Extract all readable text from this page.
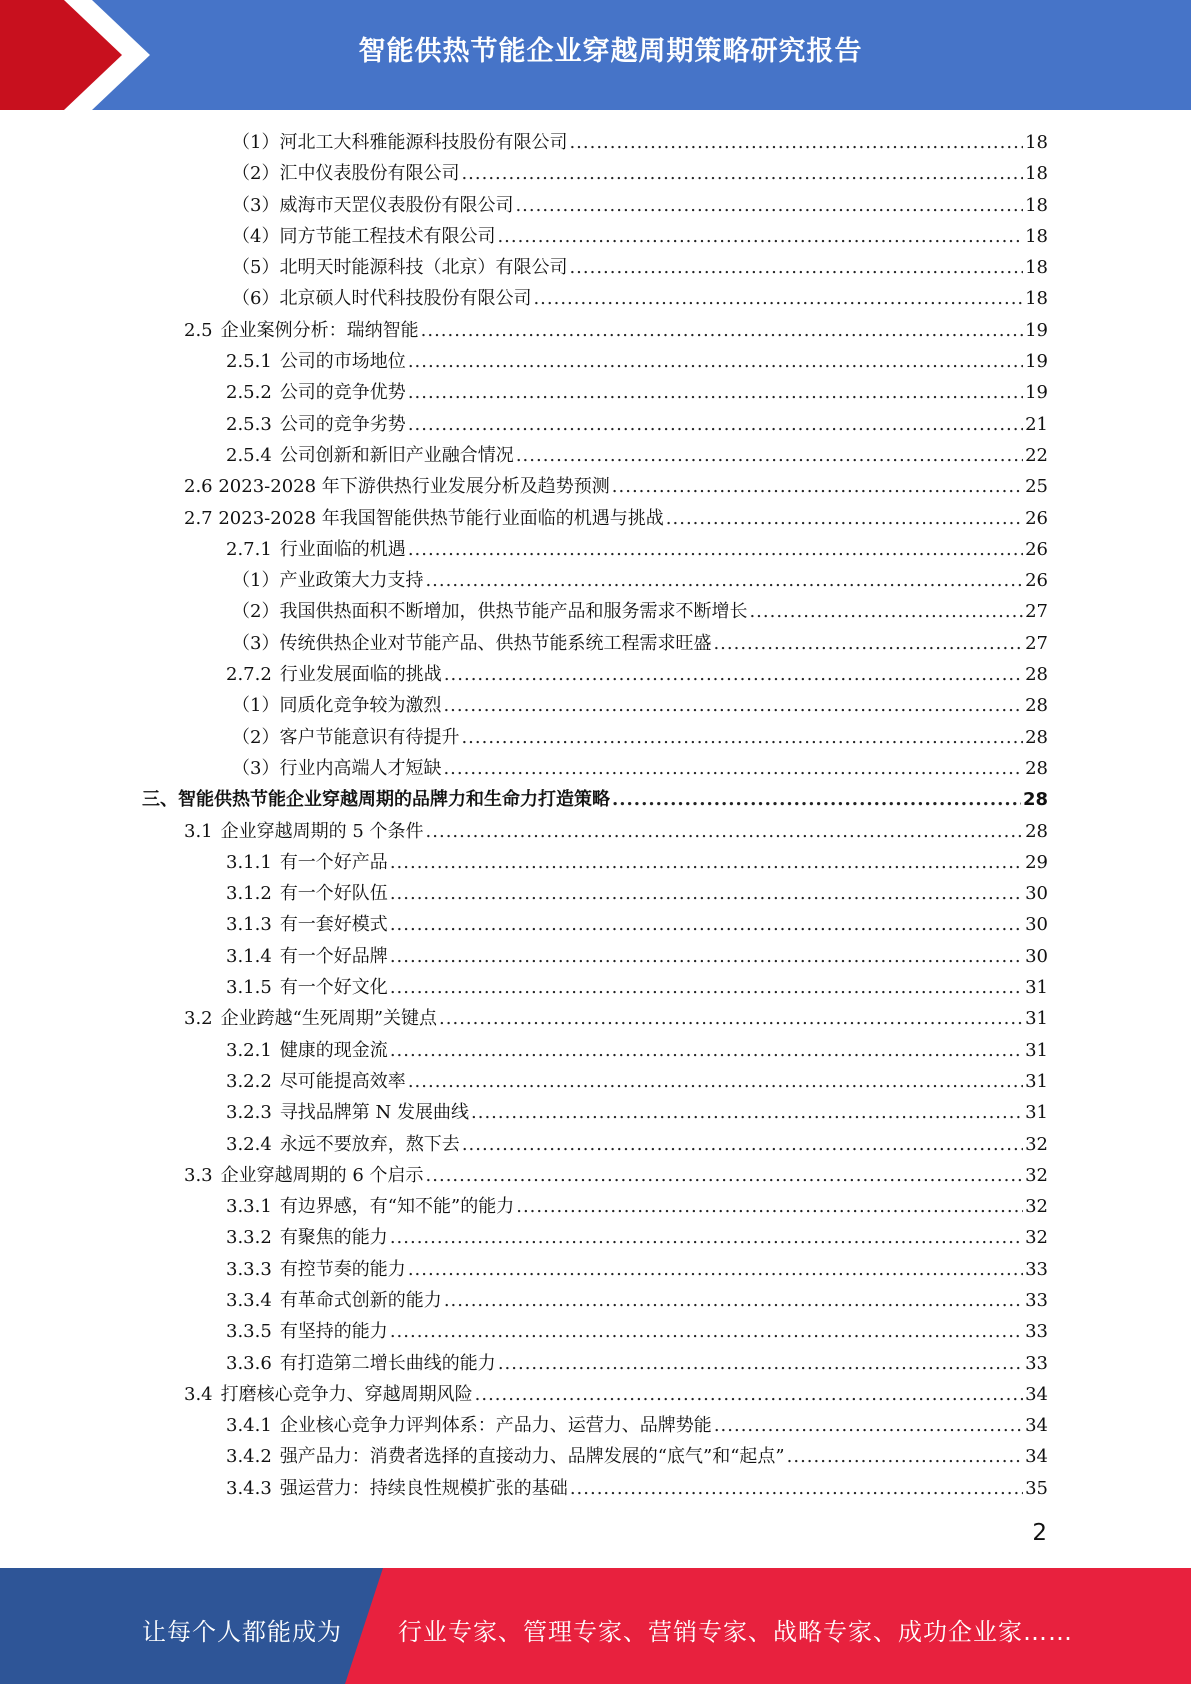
智能供热节能企业穿越周期策略研究报告
（1）河北工大科雅能源科技股份有限公司 .....	18
（2）汇中仪表股份有限公司 .....	18
（3）威海市天罡仪表股份有限公司 .....	18
（4）同方节能工程技术有限公司 .....	18
（5）北明天时能源科技（北京）有限公司 .....	18
（6）北京硕人时代科技股份有限公司 .....	18
2.5 企业案例分析：瑞纳智能 .....	19
2.5.1 公司的市场地位 .....	19
2.5.2 公司的竞争优势 .....	19
2.5.3 公司的竞争劣势 .....	21
2.5.4 公司创新和新旧产业融合情况 .....	22
2.6 2023-2028 年下游供热行业发展分析及趋势预测 .....	25
2.7 2023-2028 年我国智能供热节能行业面临的机遇与挑战 .....	26
2.7.1 行业面临的机遇 .....	26
（1）产业政策大力支持 .....	26
（2）我国供热面积不断增加，供热节能产品和服务需求不断增长 .....	27
（3）传统供热企业对节能产品、供热节能系统工程需求旺盛 .....	27
2.7.2 行业发展面临的挑战 .....	28
（1）同质化竞争较为激烈 .....	28
（2）客户节能意识有待提升 .....	28
（3）行业内高端人才短缺 .....	28
三、智能供热节能企业穿越周期的品牌力和生命力打造策略 .....	28
3.1 企业穿越周期的 5 个条件 .....	28
3.1.1 有一个好产品 .....	29
3.1.2 有一个好队伍 .....	30
3.1.3 有一套好模式 .....	30
3.1.4 有一个好品牌 .....	30
3.1.5 有一个好文化 .....	31
3.2 企业跨越“生死周期”关键点 .....	31
3.2.1 健康的现金流 .....	31
3.2.2 尽可能提高效率 .....	31
3.2.3 寻找品牌第 N 发展曲线 .....	31
3.2.4 永远不要放弃，熬下去 .....	32
3.3 企业穿越周期的 6 个启示 .....	32
3.3.1 有边界感，有“知不能”的能力 .....	32
3.3.2 有聚焦的能力 .....	32
3.3.3 有控节奏的能力 .....	33
3.3.4 有革命式创新的能力 .....	33
3.3.5 有坚持的能力 .....	33
3.3.6 有打造第二增长曲线的能力 .....	33
3.4 打磨核心竞争力、穿越周期风险 .....	34
3.4.1 企业核心竞争力评判体系：产品力、运营力、品牌势能 .....	34
3.4.2 强产品力：消费者选择的直接动力、品牌发展的“底气”和“起点” .....	34
3.4.3 强运营力：持续良性规模扩张的基础 .....	35
2
让每个人都能成为 行业专家、管理专家、营销专家、战略专家、成功企业家……
